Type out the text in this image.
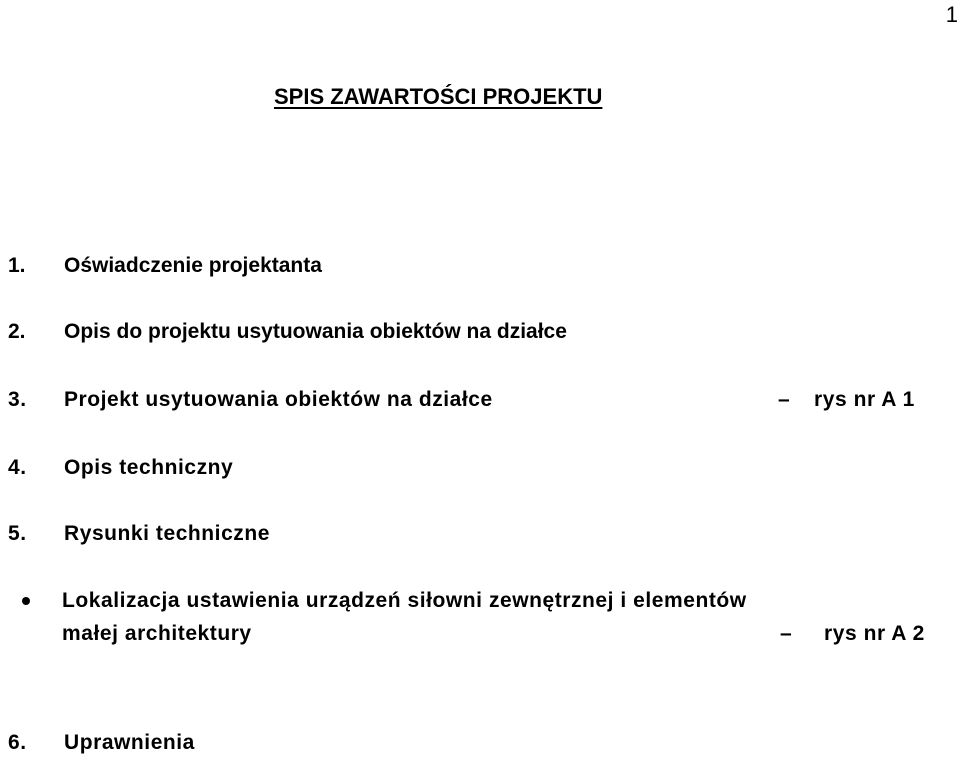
1
SPIS ZAWARTOŚCI PROJEKTU
1. Oświadczenie projektanta
2. Opis do projektu usytuowania obiektów na działce
3. Projekt usytuowania obiektów na działce	– rys nr A 1
4. Opis techniczny
5. Rysunki techniczne
Lokalizacja ustawienia urządzeń siłowni zewnętrznej i elementów
małej architektury	– rys nr A 2
6. Uprawnienia
